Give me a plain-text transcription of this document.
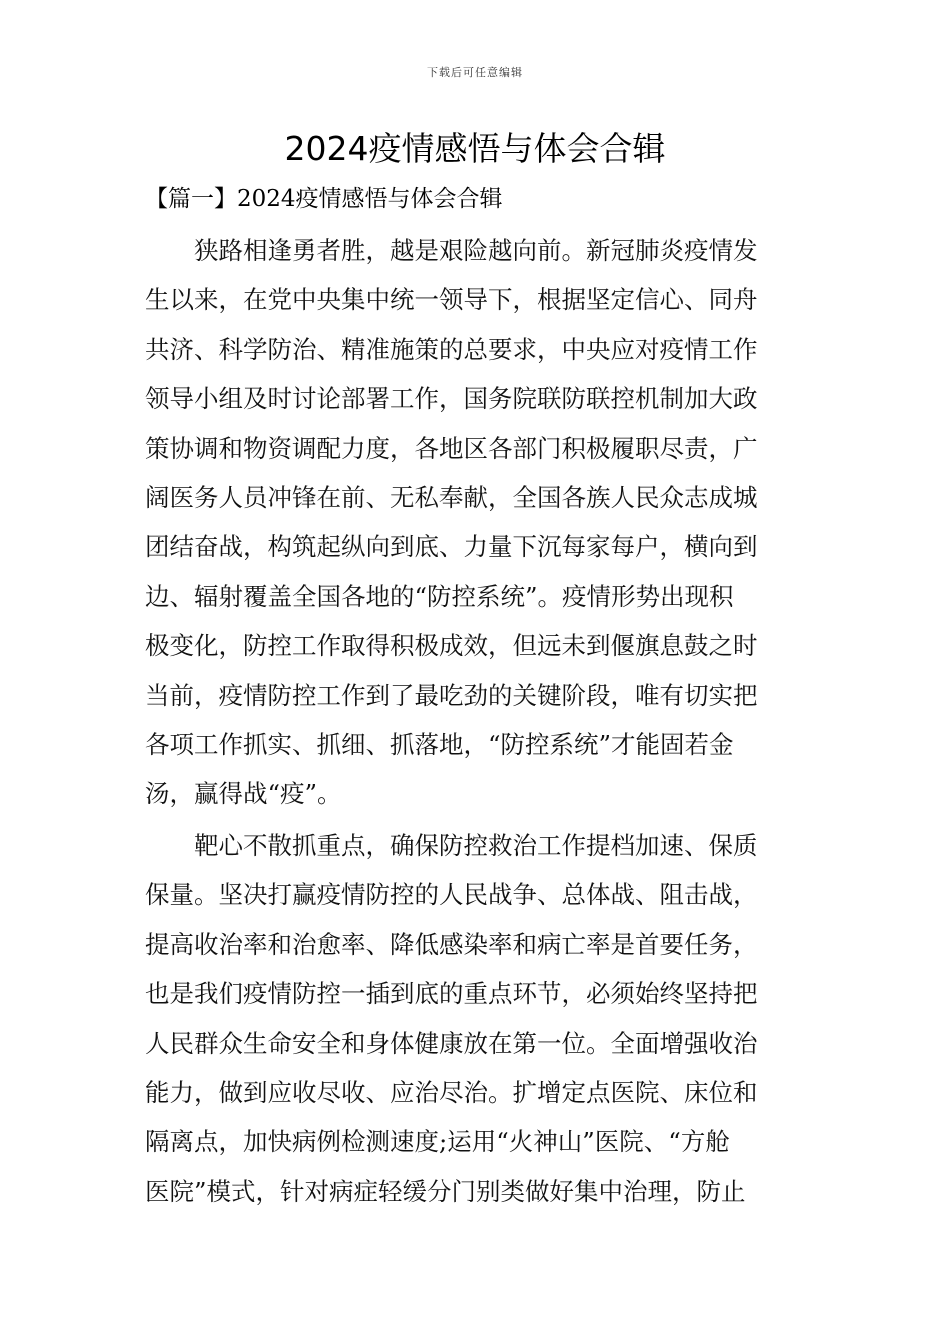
下载后可任意编辑
2024疫情感悟与体会合辑
【篇一】2024疫情感悟与体会合辑
　　狭路相逢勇者胜，越是艰险越向前。新冠肺炎疫情发
生以来，在党中央集中统一领导下，根据坚定信心、同舟
共济、科学防治、精准施策的总要求，中央应对疫情工作
领导小组及时讨论部署工作，国务院联防联控机制加大政
策协调和物资调配力度，各地区各部门积极履职尽责，广
阔医务人员冲锋在前、无私奉献，全国各族人民众志成城
团结奋战，构筑起纵向到底、力量下沉每家每户，横向到
边、辐射覆盖全国各地的“防控系统”。疫情形势出现积
极变化，防控工作取得积极成效，但远未到偃旗息鼓之时
当前，疫情防控工作到了最吃劲的关键阶段，唯有切实把
各项工作抓实、抓细、抓落地，“防控系统”才能固若金
汤，赢得战“疫”。
　　靶心不散抓重点，确保防控救治工作提档加速、保质
保量。坚决打赢疫情防控的人民战争、总体战、阻击战，
提高收治率和治愈率、降低感染率和病亡率是首要任务，
也是我们疫情防控一插到底的重点环节，必须始终坚持把
人民群众生命安全和身体健康放在第一位。全面增强收治
能力，做到应收尽收、应治尽治。扩增定点医院、床位和
隔离点，加快病例检测速度;运用“火神山”医院、“方舱
医院”模式，针对病症轻缓分门别类做好集中治理，防止
